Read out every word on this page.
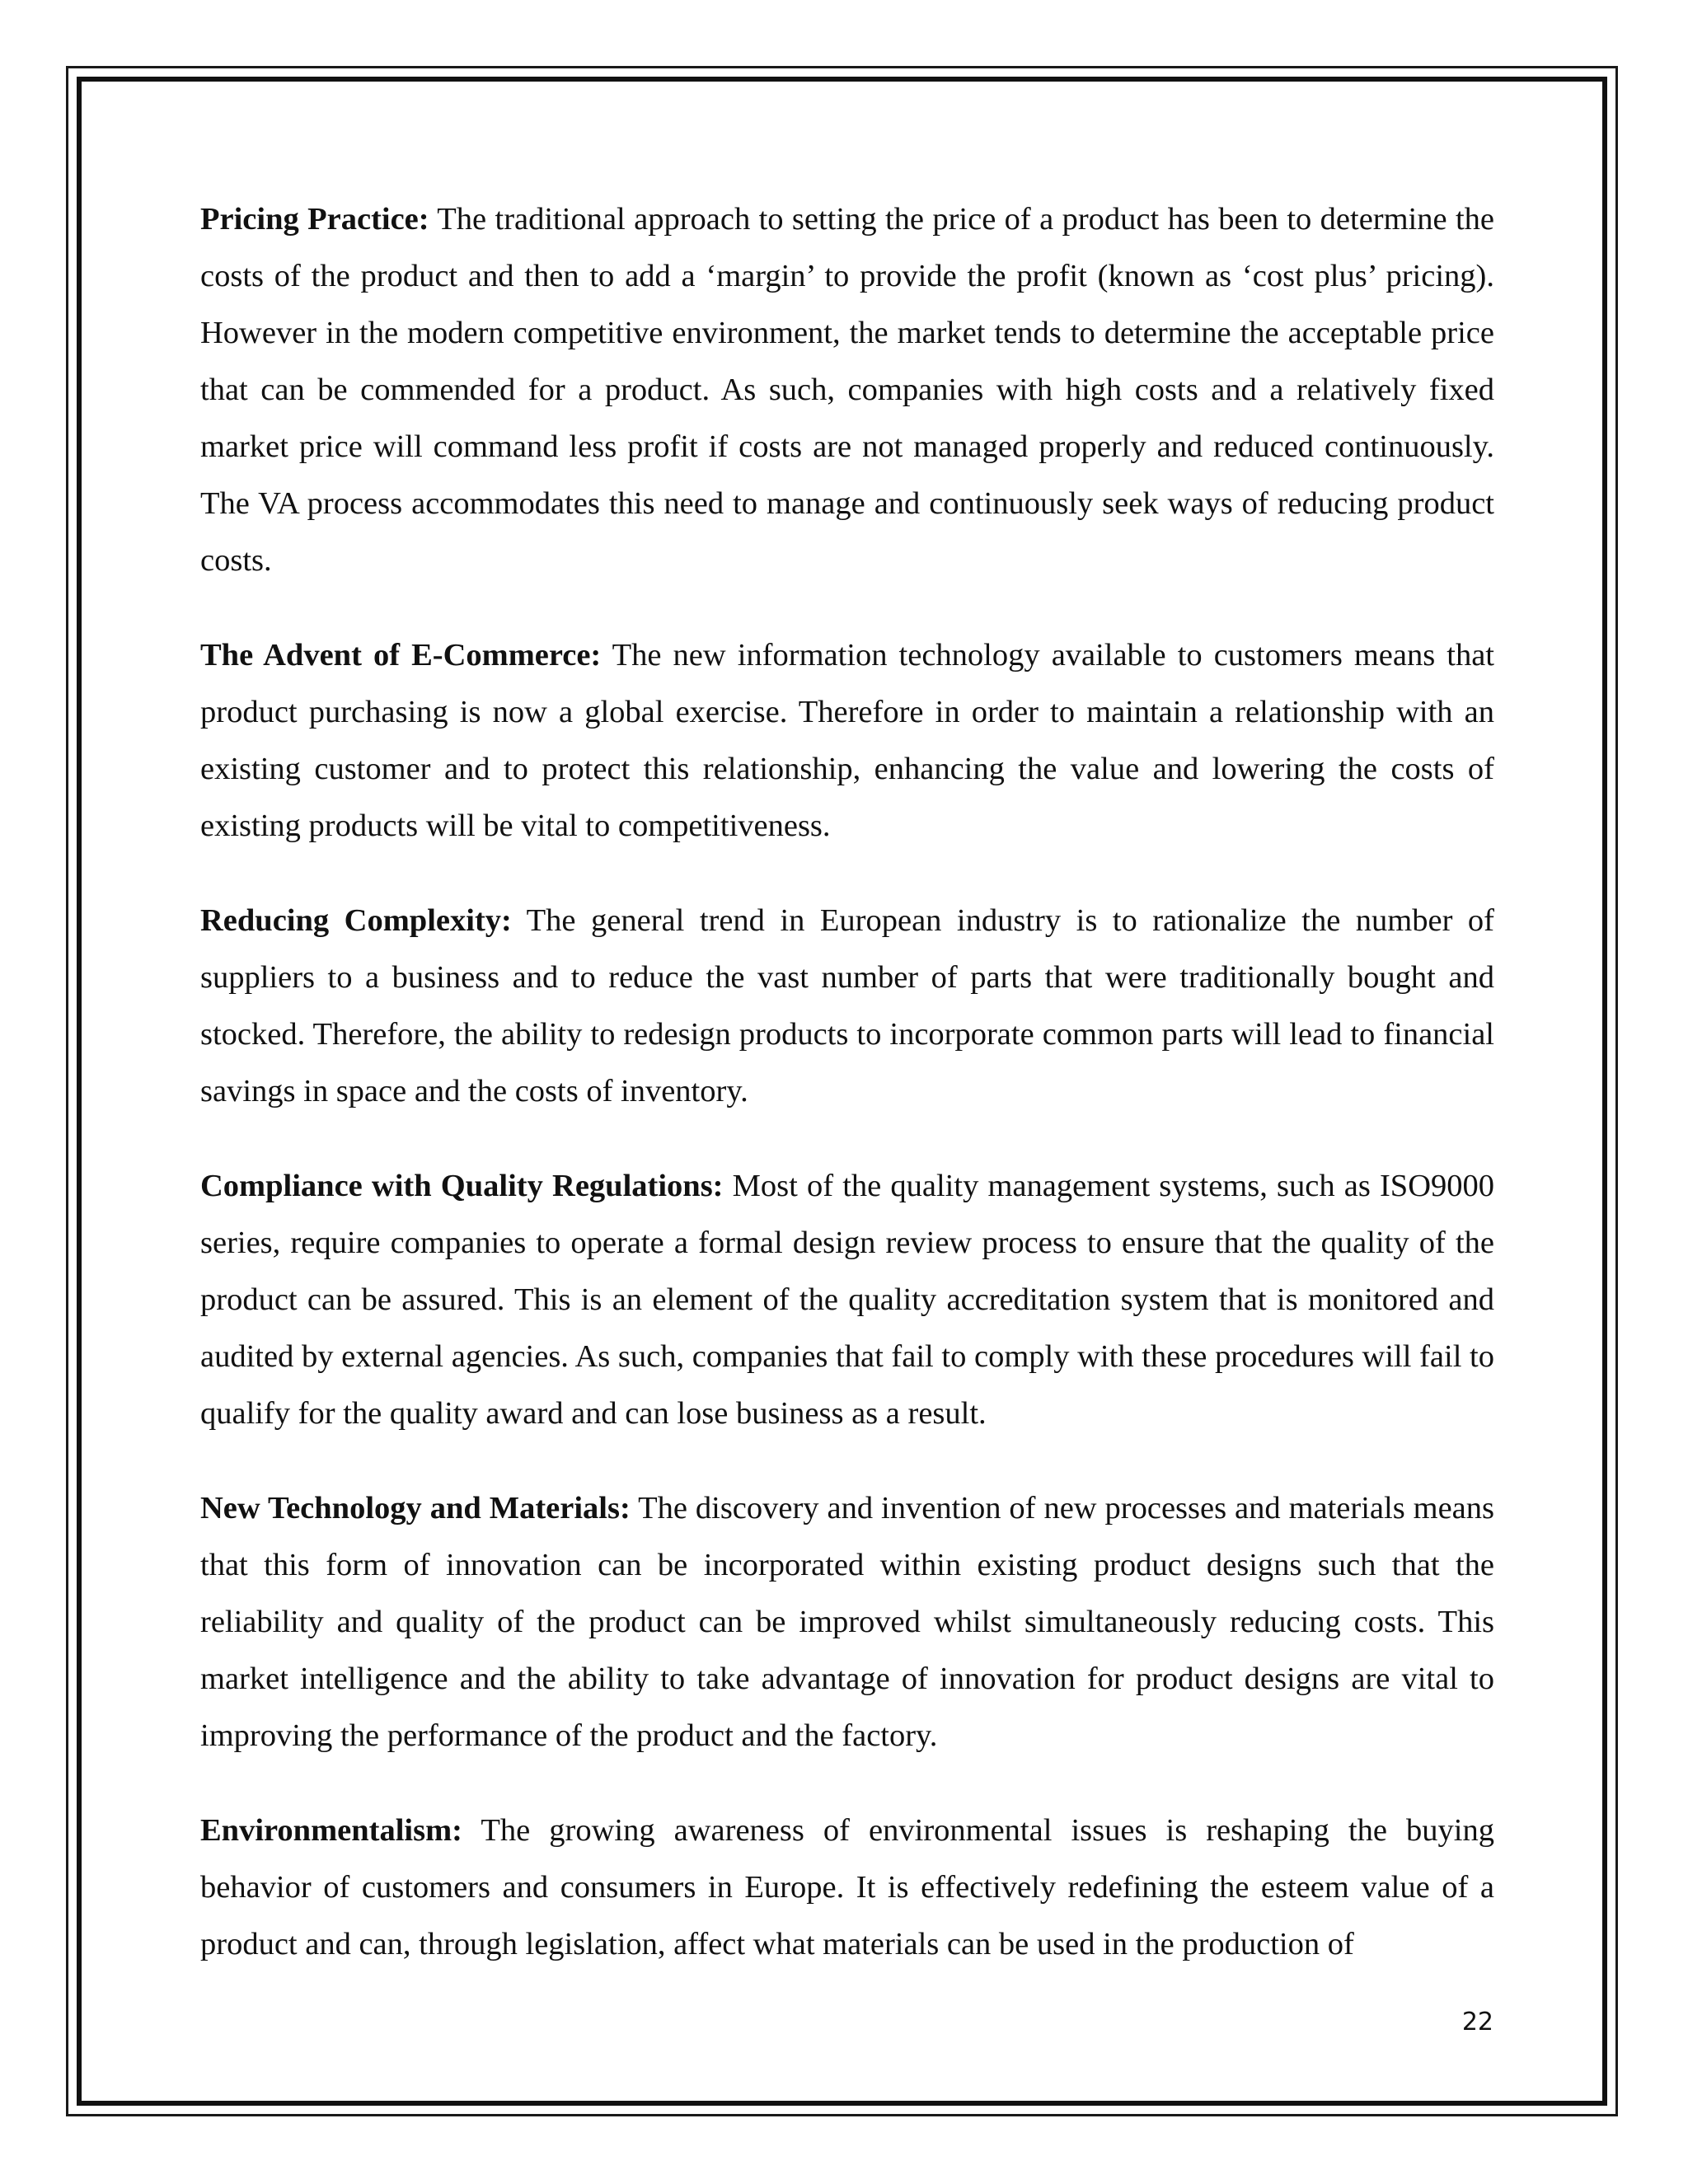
Pricing Practice: The traditional approach to setting the price of a product has been to determine the costs of the product and then to add a ‘margin’ to provide the profit (known as ‘cost plus’ pricing). However in the modern competitive environment, the market tends to determine the acceptable price that can be commended for a product. As such, companies with high costs and a relatively fixed market price will command less profit if costs are not managed properly and reduced continuously. The VA process accommodates this need to manage and continuously seek ways of reducing product costs.

The Advent of E-Commerce: The new information technology available to customers means that product purchasing is now a global exercise. Therefore in order to maintain a relationship with an existing customer and to protect this relationship, enhancing the value and lowering the costs of existing products will be vital to competitiveness.

Reducing Complexity: The general trend in European industry is to rationalize the number of suppliers to a business and to reduce the vast number of parts that were traditionally bought and stocked. Therefore, the ability to redesign products to incorporate common parts will lead to financial savings in space and the costs of inventory.

Compliance with Quality Regulations: Most of the quality management systems, such as ISO9000 series, require companies to operate a formal design review process to ensure that the quality of the product can be assured. This is an element of the quality accreditation system that is monitored and audited by external agencies. As such, companies that fail to comply with these procedures will fail to qualify for the quality award and can lose business as a result.

New Technology and Materials: The discovery and invention of new processes and materials means that this form of innovation can be incorporated within existing product designs such that the reliability and quality of the product can be improved whilst simultaneously reducing costs. This market intelligence and the ability to take advantage of innovation for product designs are vital to improving the performance of the product and the factory.

Environmentalism: The growing awareness of environmental issues is reshaping the buying behavior of customers and consumers in Europe. It is effectively redefining the esteem value of a product and can, through legislation, affect what materials can be used in the production of

22
